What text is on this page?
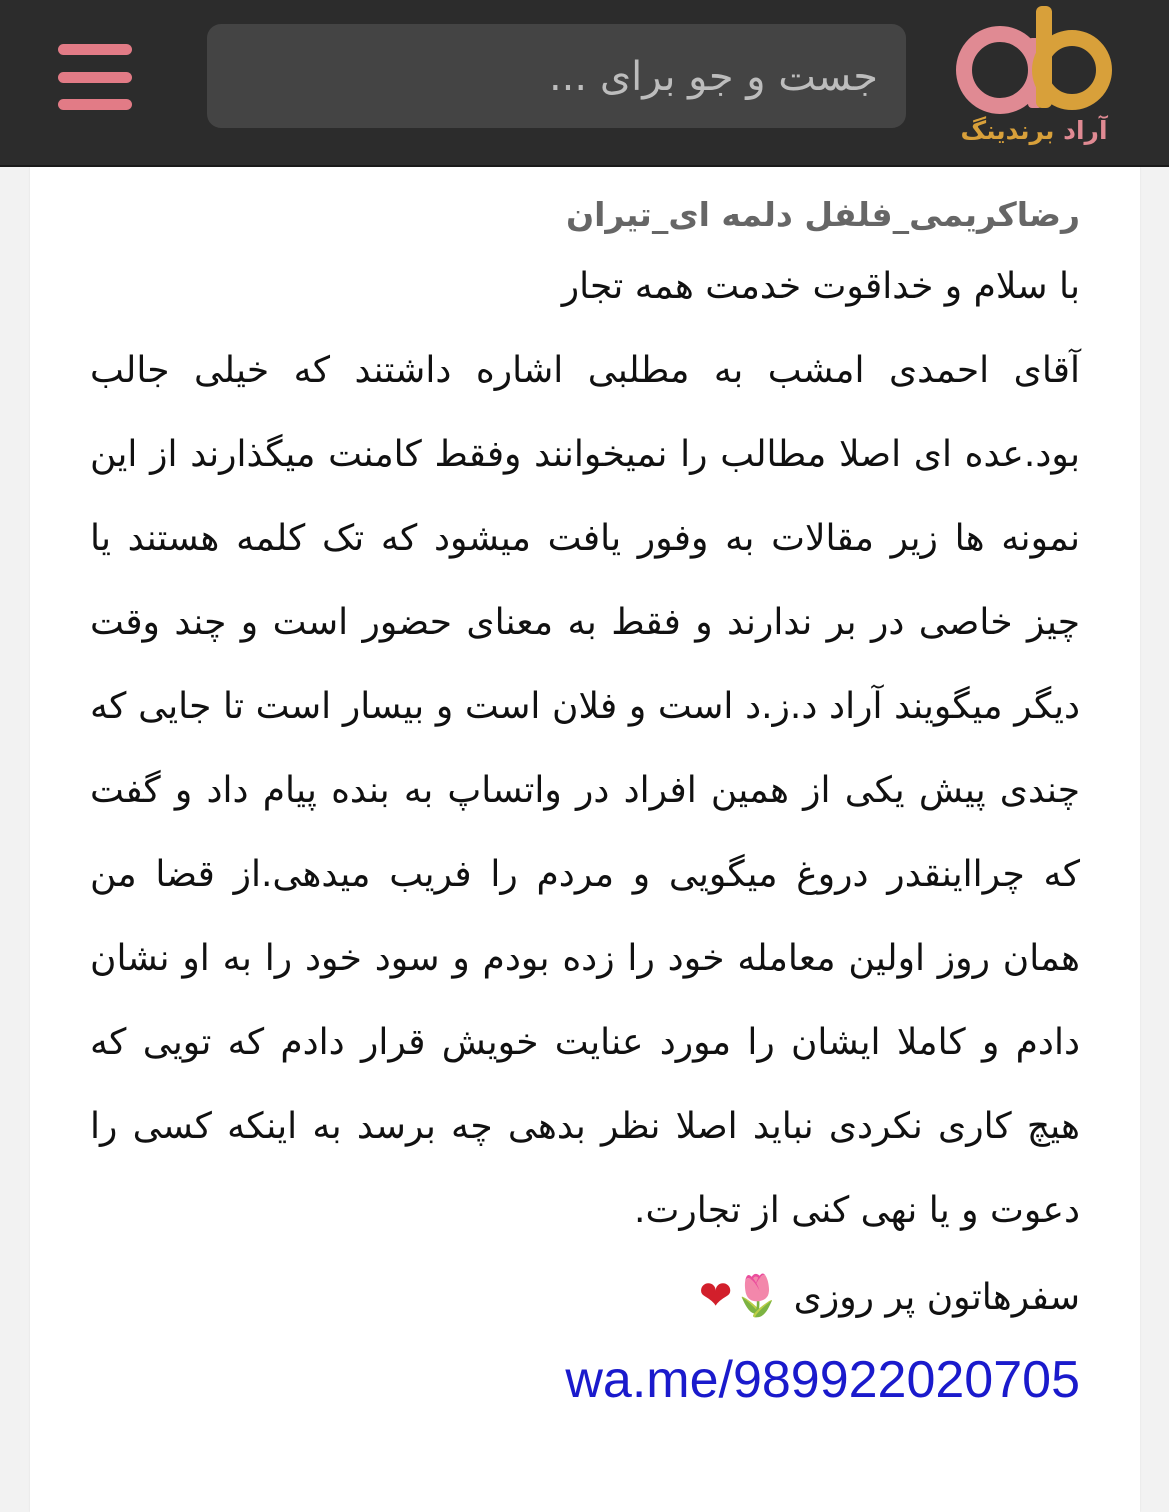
جست و جو برای ...
آراد برندینگ

رضاکریمی_فلفل دلمه ای_تیران

با سلام و خداقوت خدمت همه تجار

آقای احمدی امشب به مطلبی اشاره داشتند که خیلی جالب بود.عده ای اصلا مطالب را نمیخوانند وفقط کامنت میگذارند از این نمونه ها زیر مقالات به وفور یافت میشود که تک کلمه هستند یا چیز خاصی در بر ندارند و فقط به معنای حضور است و چند وقت دیگر میگویند آراد د.ز.د است و فلان است و بیسار است تا جایی که چندی پیش یکی از همین افراد در واتساپ به بنده پیام داد و گفت که چرااینقدر دروغ میگویی و مردم را فریب میدهی.از قضا من همان روز اولین معامله خود را زده بودم و سود خود را به او نشان دادم و کاملا ایشان را مورد عنایت خویش قرار دادم که تویی که هیچ کاری نکردی نباید اصلا نظر بدهی چه برسد به اینکه کسی را دعوت و یا نهی کنی از تجارت.

سفرهاتون پر روزی 🌷❤

wa.me/989922020705
